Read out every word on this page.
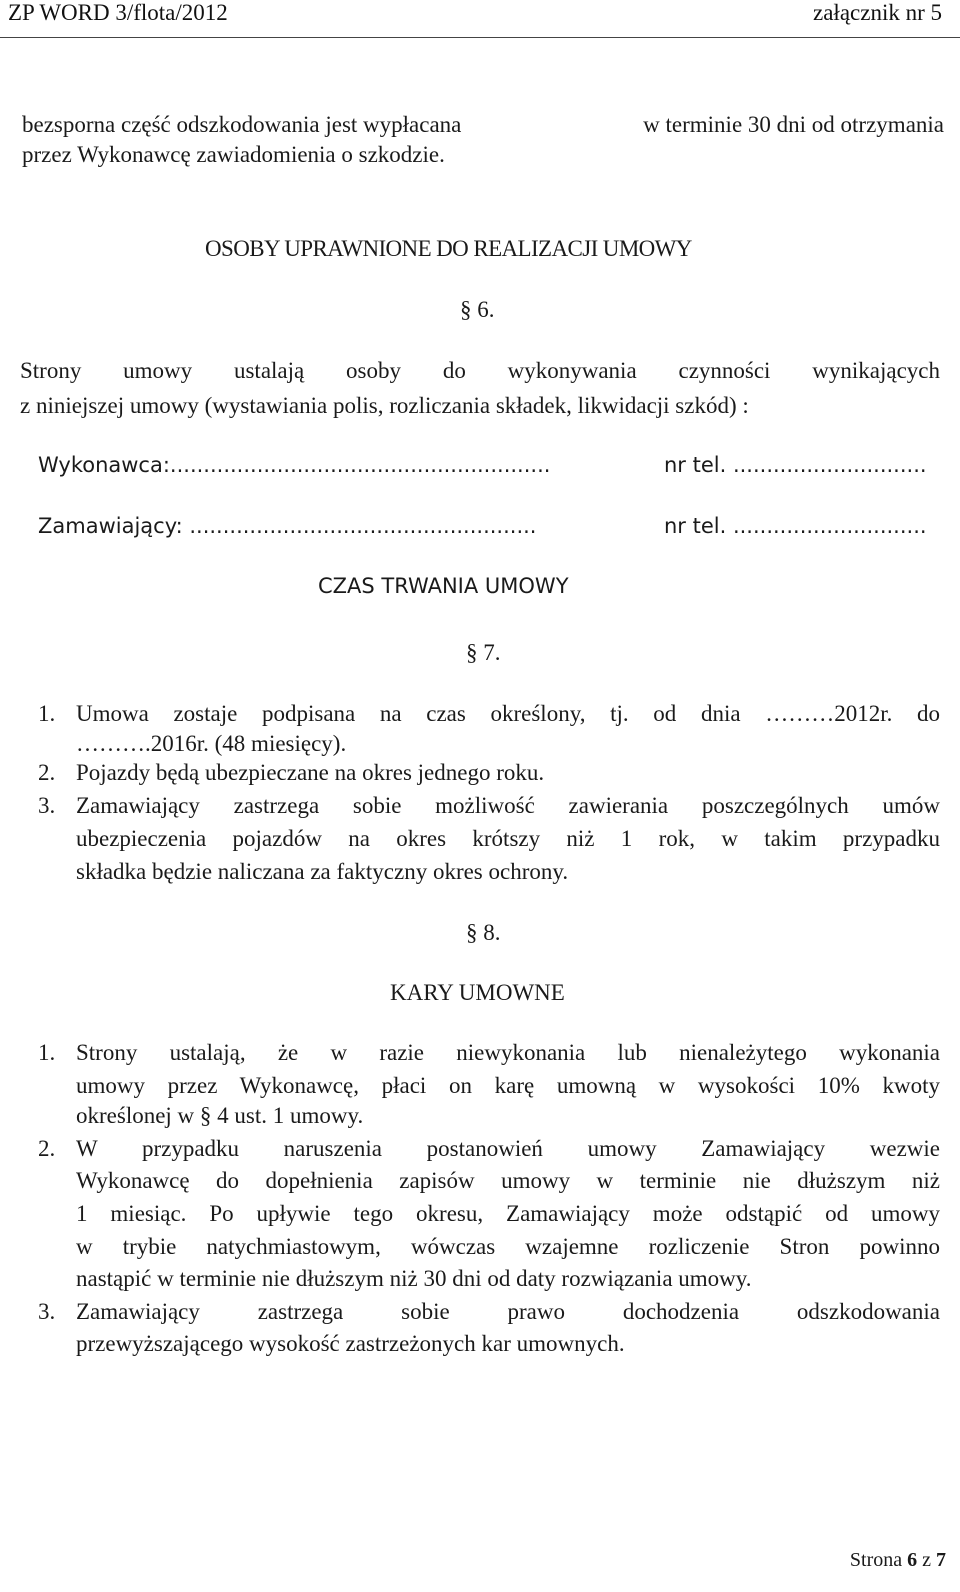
ZP WORD 3/flota/2012	załącznik nr 5
bezsporna część odszkodowania jest wypłacana	w terminie 30 dni od otrzymania
przez Wykonawcę zawiadomienia o szkodzie.
OSOBY UPRAWNIONE DO REALIZACJI UMOWY
§ 6.
Strony umowy ustalają osoby do wykonywania czynności wynikających
z niniejszej umowy (wystawiania polis, rozliczania składek, likwidacji szkód) :
Wykonawca:.........................................................	nr tel. .............................
Zamawiający: ....................................................	nr tel. .............................
CZAS TRWANIA UMOWY
§ 7.
1. Umowa zostaje podpisana na czas określony, tj. od dnia ………2012r. do
……….2016r. (48 miesięcy).
2. Pojazdy będą ubezpieczane na okres jednego roku.
3. Zamawiający zastrzega sobie możliwość zawierania poszczególnych umów
ubezpieczenia pojazdów na okres krótszy niż 1 rok, w takim przypadku
składka będzie naliczana za faktyczny okres ochrony.
§ 8.
KARY UMOWNE
1. Strony ustalają, że w razie niewykonania lub nienależytego wykonania
umowy przez Wykonawcę, płaci on karę umowną w wysokości 10% kwoty
określonej w § 4 ust. 1 umowy.
2. W przypadku naruszenia postanowień umowy Zamawiający wezwie
Wykonawcę do dopełnienia zapisów umowy w terminie nie dłuższym niż
1 miesiąc. Po upływie tego okresu, Zamawiający może odstąpić od umowy
w trybie natychmiastowym, wówczas wzajemne rozliczenie Stron powinno
nastąpić w terminie nie dłuższym niż 30 dni od daty rozwiązania umowy.
3. Zamawiający zastrzega sobie prawo dochodzenia odszkodowania
przewyższającego wysokość zastrzeżonych kar umownych.
Strona 6 z 7
